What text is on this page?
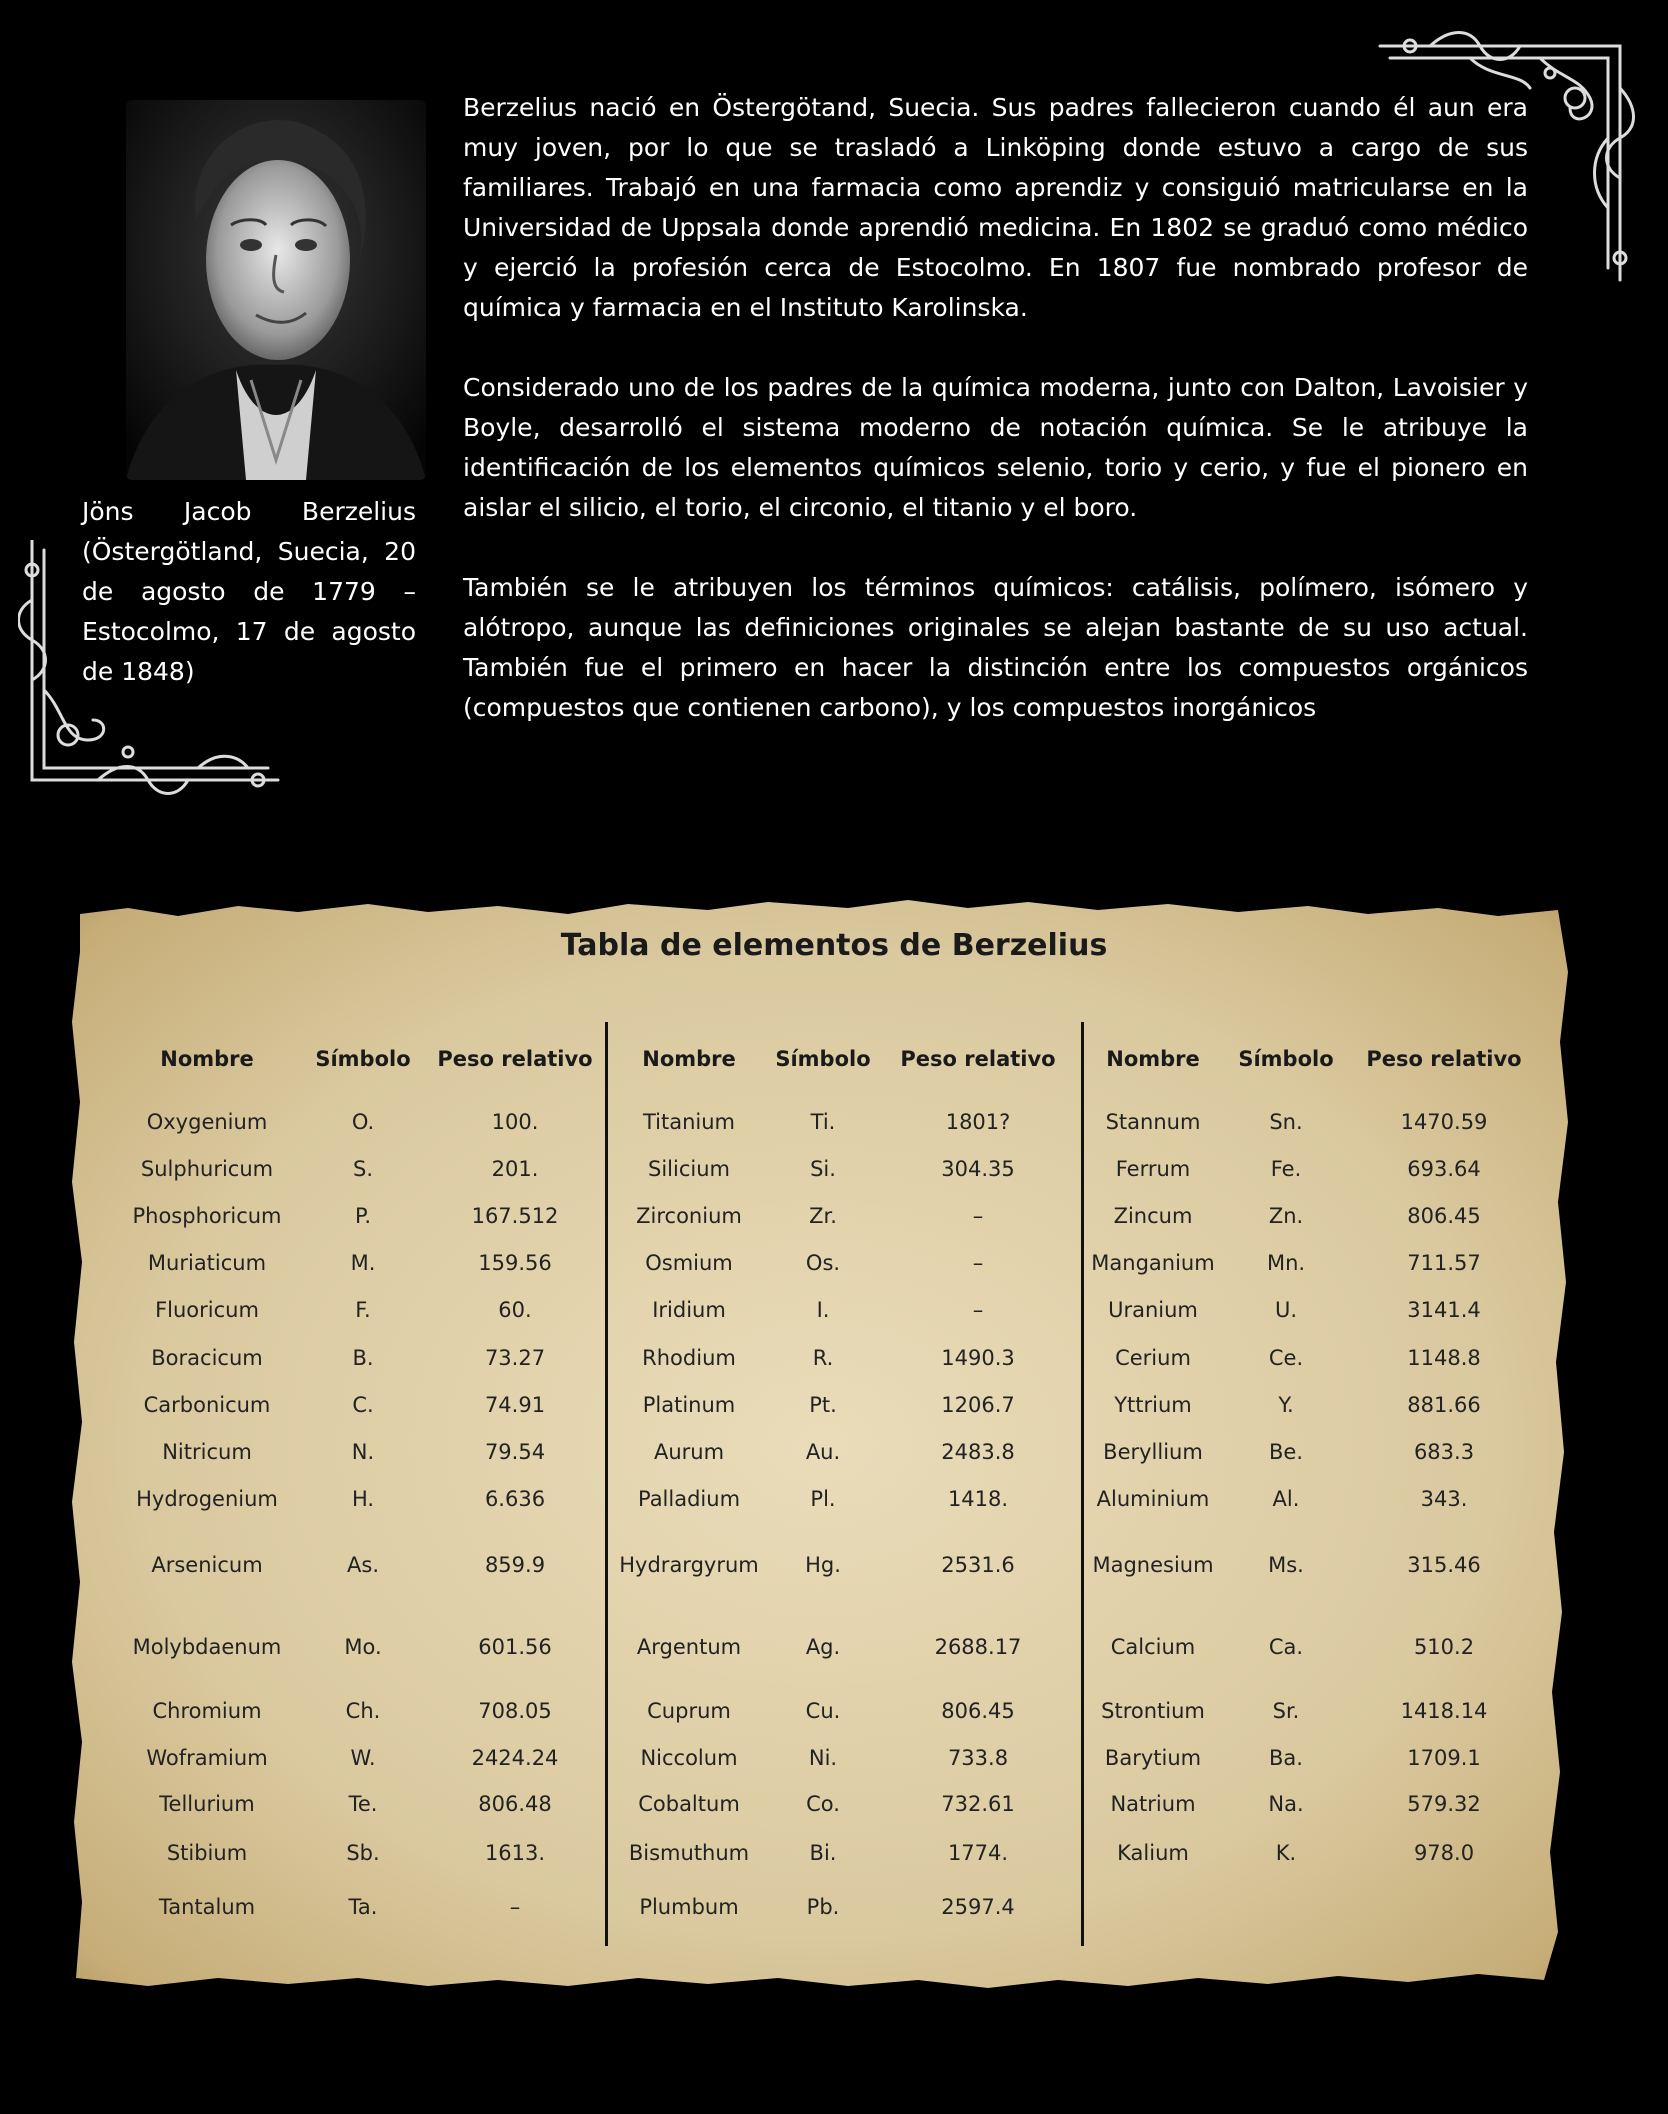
Jöns Jacob Berzelius (Östergötland, Suecia, 20 de agosto de 1779 – Estocolmo, 17 de agosto de 1848)

Berzelius nació en Östergötand, Suecia. Sus padres fallecieron cuando él aun era muy joven, por lo que se trasladó a Linköping donde estuvo a cargo de sus familiares. Trabajó en una farmacia como aprendiz y consiguió matricularse en la Universidad de Uppsala donde aprendió medicina. En 1802 se graduó como médico y ejerció la profesión cerca de Estocolmo. En 1807 fue nombrado profesor de química y farmacia en el Instituto Karolinska.

Considerado uno de los padres de la química moderna, junto con Dalton, Lavoisier y Boyle, desarrolló el sistema moderno de notación química. Se le atribuye la identificación de los elementos químicos selenio, torio y cerio, y fue el pionero en aislar el silicio, el torio, el circonio, el titanio y el boro.

También se le atribuyen los términos químicos: catálisis, polímero, isómero y alótropo, aunque las definiciones originales se alejan bastante de su uso actual. También fue el primero en hacer la distinción entre los compuestos orgánicos (compuestos que contienen carbono), y los compuestos inorgánicos

Tabla de elementos de Berzelius
Nombre	Símbolo Peso relativo
Oxygenium	O.	100.
Sulphuricum	S.	201.
Phosphoricum	P.	167.512
Muriaticum	M.	159.56
Fluoricum	F.	60.
Boracicum	B.	73.27
Carbonicum	C.	74.91
Nitricum	N.	79.54
Hydrogenium	H.	6.636
Arsenicum	As.	859.9
Molybdaenum	Mo.	601.56
Chromium	Ch.	708.05
Woframium	W.	2424.24
Tellurium	Te.	806.48
Stibium	Sb.	1613.
Tantalum	Ta.	–
Nombre Símbolo Peso relativo
Titanium	Ti.	1801?
Silicium	Si.	304.35
Zirconium	Zr.	–
Osmium	Os.	–
Iridium	I.	–
Rhodium	R.	1490.3
Platinum	Pt.	1206.7
Aurum	Au.	2483.8
Palladium	Pl.	1418.
Hydrargyrum Hg.	2531.6
Argentum	Ag.	2688.17
Cuprum	Cu.	806.45
Niccolum	Ni.	733.8
Cobaltum	Co.	732.61
Bismuthum	Bi.	1774.
Plumbum	Pb.	2597.4
Nombre Símbolo Peso relativo
Stannum	Sn.	1470.59
Ferrum	Fe.	693.64
Zincum	Zn.	806.45
Manganium Mn.	711.57
Uranium	U.	3141.4
Cerium	Ce.	1148.8
Yttrium	Y.	881.66
Beryllium	Be.	683.3
Aluminium	Al.	343.
Magnesium	Ms.	315.46
Calcium	Ca.	510.2
Strontium	Sr.	1418.14
Barytium	Ba.	1709.1
Natrium	Na.	579.32
Kalium	K.	978.0
